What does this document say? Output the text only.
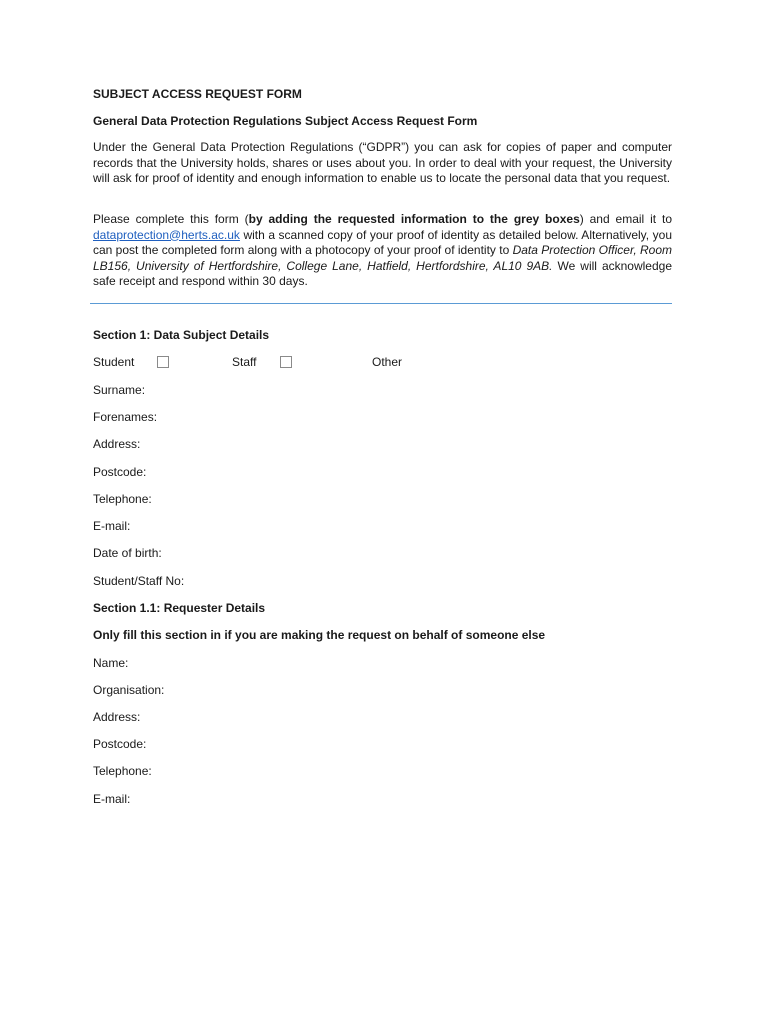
SUBJECT ACCESS REQUEST FORM
General Data Protection Regulations Subject Access Request Form

Under the General Data Protection Regulations (“GDPR”) you can ask for copies of paper and computer records that the University holds, shares or uses about you. In order to deal with your request, the University will ask for proof of identity and enough information to enable us to locate the personal data that you request.

Please complete this form (by adding the requested information to the grey boxes) and email it to dataprotection@herts.ac.uk with a scanned copy of your proof of identity as detailed below. Alternatively, you can post the completed form along with a photocopy of your proof of identity to Data Protection Officer, Room LB156, University of Hertfordshire, College Lane, Hatfield, Hertfordshire, AL10 9AB. We will acknowledge safe receipt and respond within 30 days.

Section 1: Data Subject Details
Student	Staff	Other
Surname:
Forenames:
Address:
Postcode:
Telephone:
E-mail:
Date of birth:
Student/Staff No:
Section 1.1: Requester Details
Only fill this section in if you are making the request on behalf of someone else
Name:
Organisation:
Address:
Postcode:
Telephone:
E-mail:
